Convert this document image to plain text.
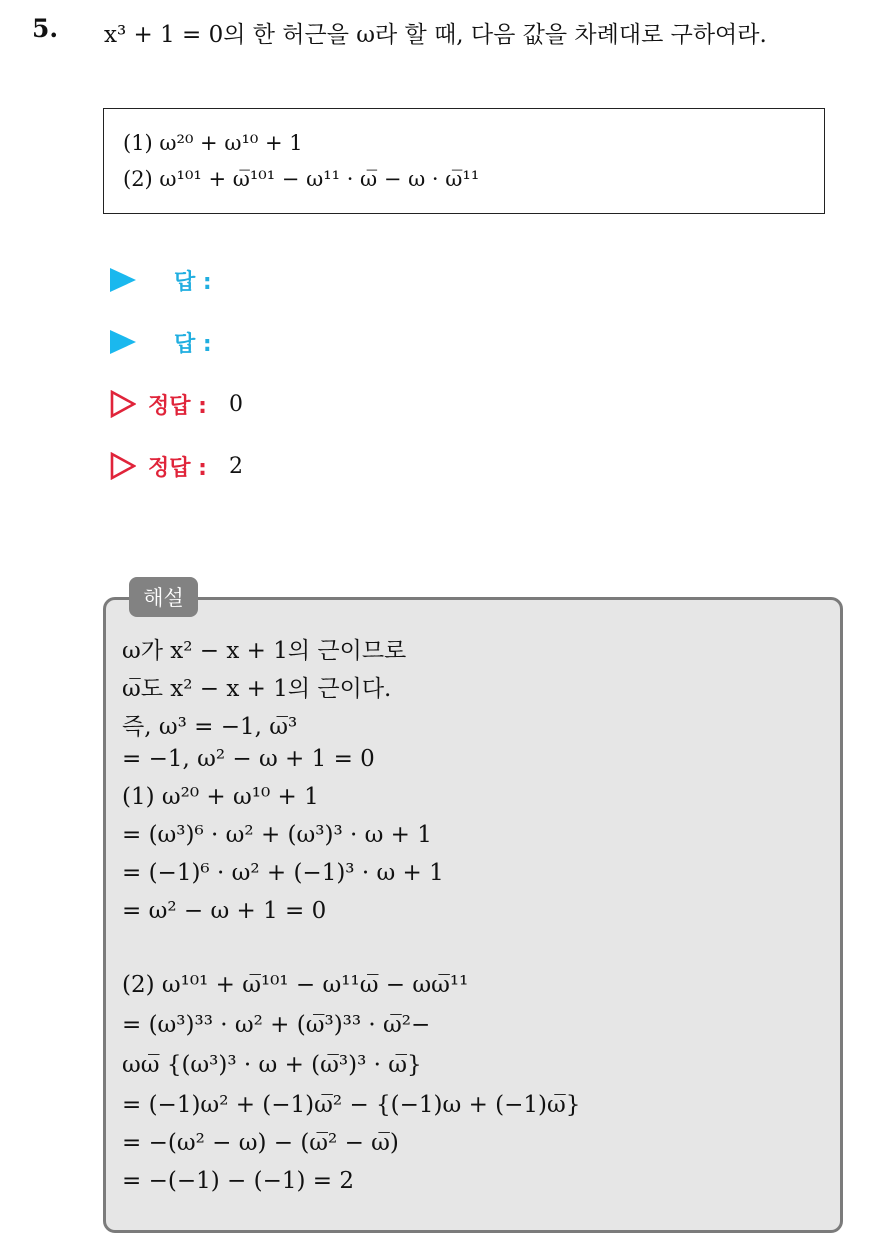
5. x³ + 1 = 0의 한 허근을 ω라 할 때, 다음 값을 차례대로 구하여라.
(1) ω²⁰ + ω¹⁰ + 1
(2) ω¹⁰¹ + ω̅¹⁰¹ − ω¹¹ · ω̅ − ω · ω̅¹¹
답 :
답 :
정답 : 0
정답 : 2
해설
ω가 x² − x + 1의 근이므로
ω̅도 x² − x + 1의 근이다.
즉, ω³ = −1, ω̅³
= −1, ω² − ω + 1 = 0
(1) ω²⁰ + ω¹⁰ + 1
= (ω³)⁶ · ω² + (ω³)³ · ω + 1
= (−1)⁶ · ω² + (−1)³ · ω + 1
= ω² − ω + 1 = 0
(2) ω¹⁰¹ + ω̅¹⁰¹ − ω¹¹ω̅ − ωω̅¹¹
= (ω³)³³ · ω² + (ω̅³)³³ · ω̅²−
ωω̅ {(ω³)³ · ω + (ω̅³)³ · ω̅}
= (−1)ω² + (−1)ω̅² − {(−1)ω + (−1)ω̅}
= −(ω² − ω) − (ω̅² − ω̅)
= −(−1) − (−1) = 2
